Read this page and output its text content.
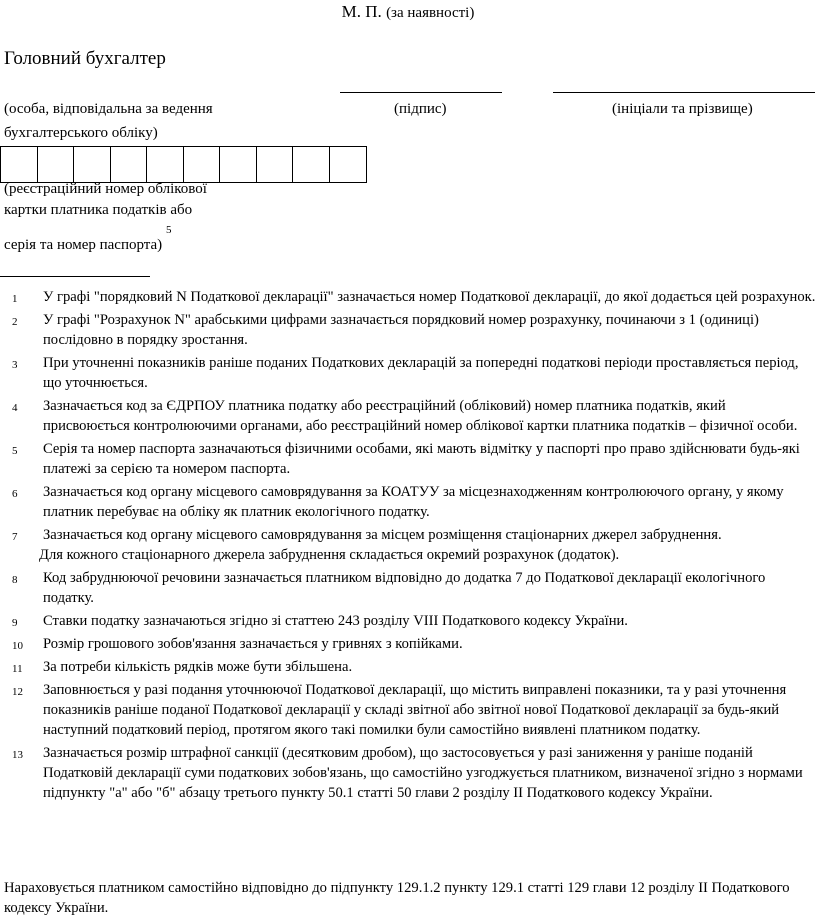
М. П. (за наявності)
Головний бухгалтер
(особа, відповідальна за ведення	(підпис)	(ініціали та прізвище)
бухгалтерського обліку)
(реєстраційний номер облікової
картки платника податків або
5
серія та номер паспорта)
1 У графі "порядковий N Податкової декларації" зазначається номер Податкової декларації, до якої додається цей розрахунок.
2 У графі "Розрахунок N" арабськими цифрами зазначається порядковий номер розрахунку, починаючи з 1 (одиниці) послідовно в порядку зростання.
3 При уточненні показників раніше поданих Податкових декларацій за попередні податкові періоди проставляється період, що уточнюється.
4 Зазначається код за ЄДРПОУ платника податку або реєстраційний (обліковий) номер платника податків, який присвоюється контролюючими органами, або реєстраційний номер облікової картки платника податків – фізичної особи.
5 Серія та номер паспорта зазначаються фізичними особами, які мають відмітку у паспорті про право здійснювати будь-які платежі за серією та номером паспорта.
6 Зазначається код органу місцевого самоврядування за КОАТУУ за місцезнаходженням контролюючого органу, у якому платник перебуває на обліку як платник екологічного податку.
7 Зазначається код органу місцевого самоврядування за місцем розміщення стаціонарних джерел забруднення.
Для кожного стаціонарного джерела забруднення складається окремий розрахунок (додаток).
8 Код забруднюючої речовини зазначається платником відповідно до додатка 7 до Податкової декларації екологічного податку.
9 Ставки податку зазначаються згідно зі статтею 243 розділу VIII Податкового кодексу України.
10 Розмір грошового зобов'язання зазначається у гривнях з копійками.
11 За потреби кількість рядків може бути збільшена.
12 Заповнюється у разі подання уточнюючої Податкової декларації, що містить виправлені показники, та у разі уточнення показників раніше поданої Податкової декларації у складі звітної або звітної нової Податкової декларації за будь-який наступний податковий період, протягом якого такі помилки були самостійно виявлені платником податку.
13 Зазначається розмір штрафної санкції (десятковим дробом), що застосовується у разі заниження у раніше поданій Податковій декларації суми податкових зобов'язань, що самостійно узгоджується платником, визначеної згідно з нормами підпункту "а" або "б" абзацу третього пункту 50.1 статті 50 глави 2 розділу II Податкового кодексу України.
Нараховується платником самостійно відповідно до підпункту 129.1.2 пункту 129.1 статті 129 глави 12 розділу II Податкового кодексу України.
